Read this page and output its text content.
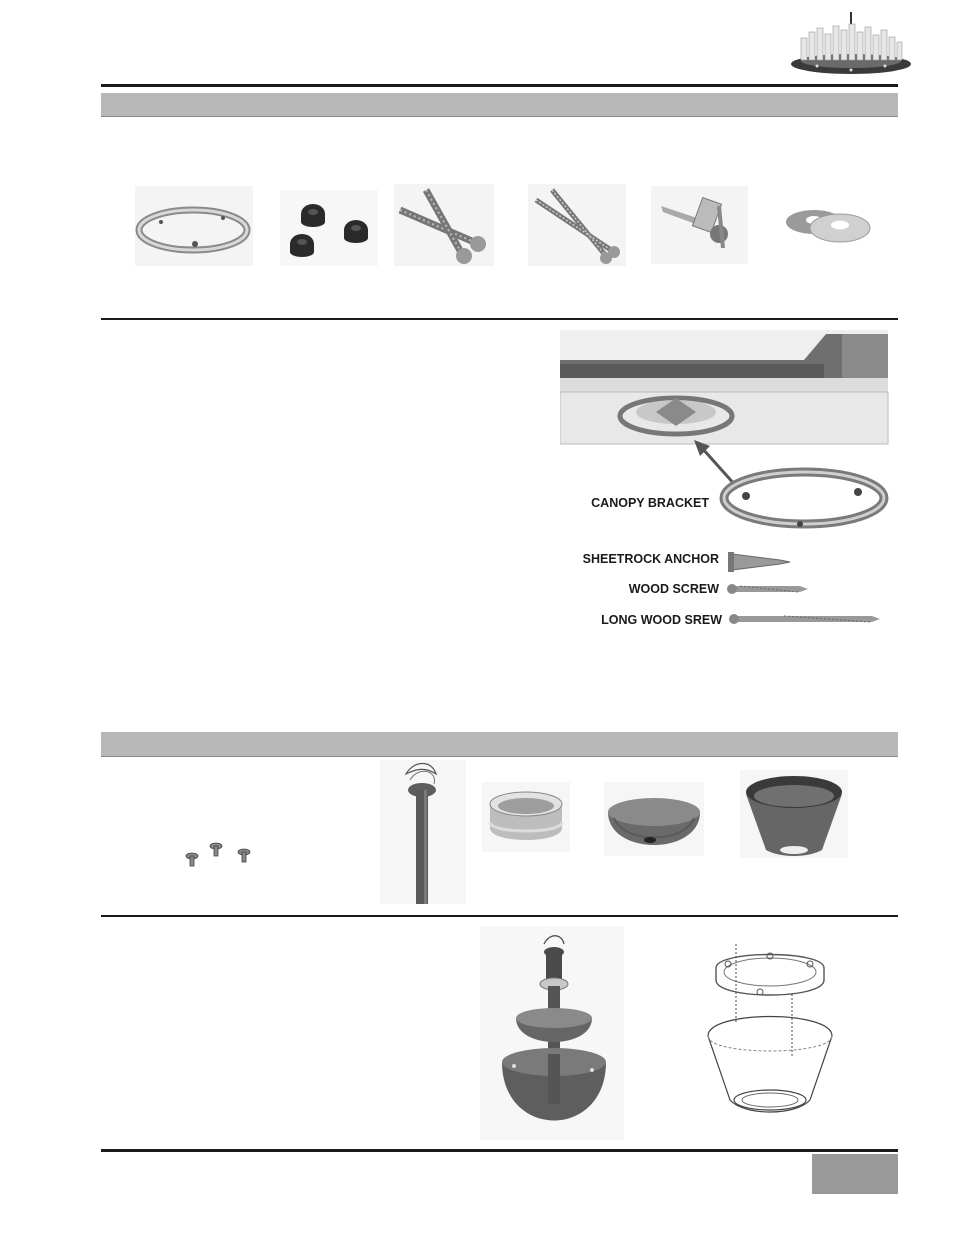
CANOPY BRACKET
SHEETROCK ANCHOR
WOOD SCREW
LONG WOOD SREW
